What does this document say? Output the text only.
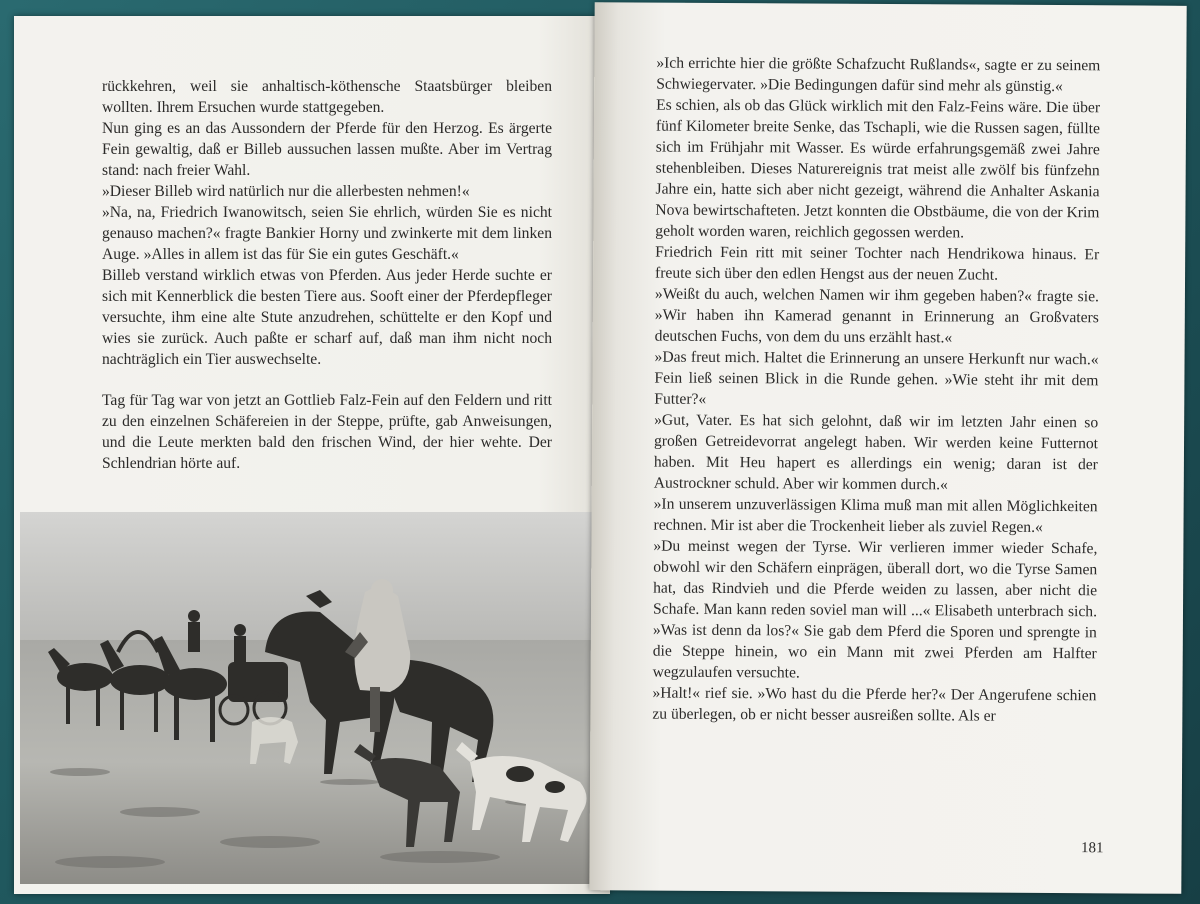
rückkehren, weil sie anhaltisch-köthensche Staatsbürger bleiben wollten. Ihrem Ersuchen wurde stattgegeben.

Nun ging es an das Aussondern der Pferde für den Herzog. Es ärgerte Fein gewaltig, daß er Billeb aussuchen lassen mußte. Aber im Vertrag stand: nach freier Wahl.

»Dieser Billeb wird natürlich nur die allerbesten nehmen!«

»Na, na, Friedrich Iwanowitsch, seien Sie ehrlich, würden Sie es nicht genauso machen?« fragte Bankier Horny und zwinkerte mit dem linken Auge. »Alles in allem ist das für Sie ein gutes Geschäft.«

Billeb verstand wirklich etwas von Pferden. Aus jeder Herde suchte er sich mit Kennerblick die besten Tiere aus. Sooft einer der Pferdepfleger versuchte, ihm eine alte Stute anzudrehen, schüttelte er den Kopf und wies sie zurück. Auch paßte er scharf auf, daß man ihm nicht noch nachträglich ein Tier auswechselte.

Tag für Tag war von jetzt an Gottlieb Falz-Fein auf den Feldern und ritt zu den einzelnen Schäfereien in der Steppe, prüfte, gab Anweisungen, und die Leute merkten bald den frischen Wind, der hier wehte. Der Schlendrian hörte auf.

»Ich errichte hier die größte Schafzucht Rußlands«, sagte er zu seinem Schwiegervater. »Die Bedingungen dafür sind mehr als günstig.«

Es schien, als ob das Glück wirklich mit den Falz-Feins wäre. Die über fünf Kilometer breite Senke, das Tschapli, wie die Russen sagen, füllte sich im Frühjahr mit Wasser. Es würde erfahrungsgemäß zwei Jahre stehenbleiben. Dieses Naturereignis trat meist alle zwölf bis fünfzehn Jahre ein, hatte sich aber nicht gezeigt, während die Anhalter Askania Nova bewirtschafteten. Jetzt konnten die Obstbäume, die von der Krim geholt worden waren, reichlich gegossen werden.

Friedrich Fein ritt mit seiner Tochter nach Hendrikowa hinaus. Er freute sich über den edlen Hengst aus der neuen Zucht.

»Weißt du auch, welchen Namen wir ihm gegeben haben?« fragte sie. »Wir haben ihn Kamerad genannt in Erinnerung an Großvaters deutschen Fuchs, von dem du uns erzählt hast.«

»Das freut mich. Haltet die Erinnerung an unsere Herkunft nur wach.« Fein ließ seinen Blick in die Runde gehen. »Wie steht ihr mit dem Futter?«

»Gut, Vater. Es hat sich gelohnt, daß wir im letzten Jahr einen so großen Getreidevorrat angelegt haben. Wir werden keine Futternot haben. Mit Heu hapert es allerdings ein wenig; daran ist der Austrockner schuld. Aber wir kommen durch.«

»In unserem unzuverlässigen Klima muß man mit allen Möglichkeiten rechnen. Mir ist aber die Trockenheit lieber als zuviel Regen.«

»Du meinst wegen der Tyrse. Wir verlieren immer wieder Schafe, obwohl wir den Schäfern einprägen, überall dort, wo die Tyrse Samen hat, das Rindvieh und die Pferde weiden zu lassen, aber nicht die Schafe. Man kann reden soviel man will ...« Elisabeth unterbrach sich. »Was ist denn da los?« Sie gab dem Pferd die Sporen und sprengte in die Steppe hinein, wo ein Mann mit zwei Pferden am Halfter wegzulaufen versuchte.

»Halt!« rief sie. »Wo hast du die Pferde her?« Der Angerufene schien zu überlegen, ob er nicht besser ausreißen sollte. Als er

181
